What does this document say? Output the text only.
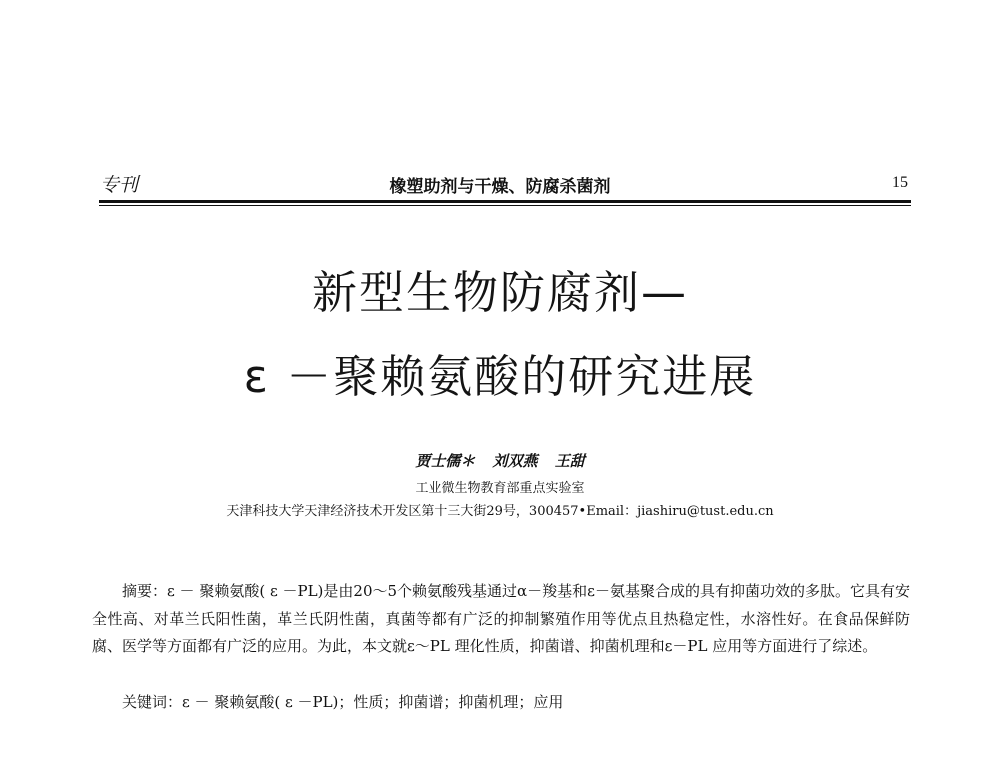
专刊	橡塑助剂与干燥、防腐杀菌剂	15
新型生物防腐剂—
ε －聚赖氨酸的研究进展
贾士儒＊ 刘双燕 王甜
工业微生物教育部重点实验室
天津科技大学天津经济技术开发区第十三大街29号，300457•Email：jiashiru@tust.edu.cn

摘要：ε － 聚赖氨酸( ε －PL)是由20～5个赖氨酸残基通过α－羧基和ε－氨基聚合成的具有抑菌功效的多肽。它具有安全性高、对革兰氏阳性菌，革兰氏阴性菌，真菌等都有广泛的抑制繁殖作用等优点且热稳定性，水溶性好。在食品保鲜防腐、医学等方面都有广泛的应用。为此，本文就ε～PL 理化性质，抑菌谱、抑菌机理和ε－PL 应用等方面进行了综述。

关键词：ε － 聚赖氨酸( ε －PL)；性质；抑菌谱；抑菌机理；应用
